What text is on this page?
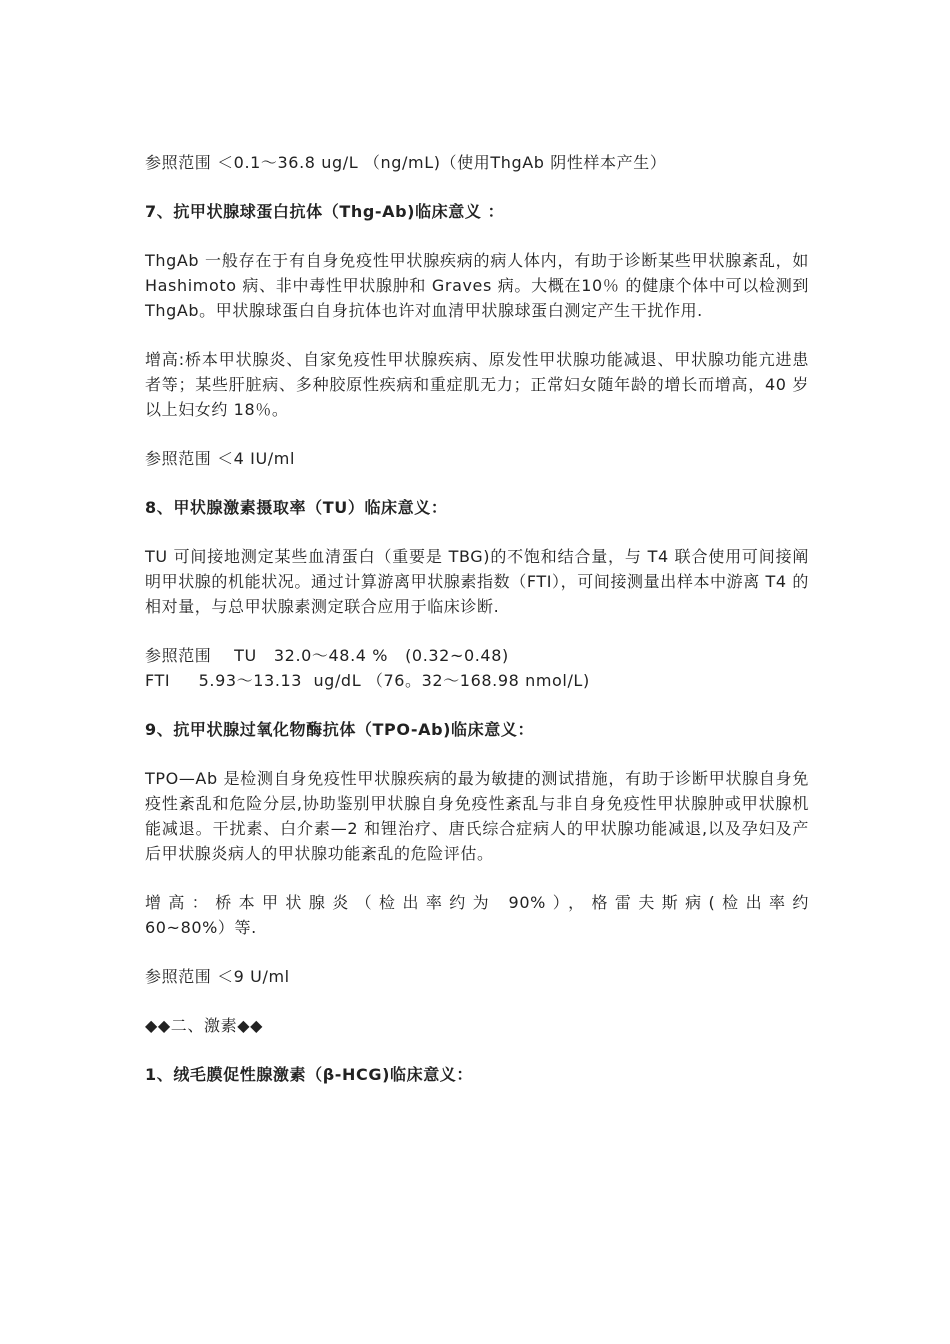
参照范围 ＜0.1～36.8 ug/L （ng/mL)（使用ThgAb 阴性样本产生）

7、抗甲状腺球蛋白抗体（Thg-Ab)临床意义 ：

ThgAb 一般存在于有自身免疫性甲状腺疾病的病人体内，有助于诊断某些甲状腺紊乱，如 Hashimoto 病、非中毒性甲状腺肿和 Graves 病。大概在10％ 的健康个体中可以检测到ThgAb。甲状腺球蛋白自身抗体也许对血清甲状腺球蛋白测定产生干扰作用.

增高:桥本甲状腺炎、自家免疫性甲状腺疾病、原发性甲状腺功能减退、甲状腺功能亢进患者等；某些肝脏病、多种胶原性疾病和重症肌无力；正常妇女随年龄的增长而增高，40 岁以上妇女约 18％。

参照范围 ＜4 IU/ml

8、甲状腺激素摄取率（TU）临床意义：

TU 可间接地测定某些血清蛋白（重要是 TBG)的不饱和结合量，与 T4 联合使用可间接阐明甲状腺的机能状况。通过计算游离甲状腺素指数（FTI），可间接测量出样本中游离 T4 的相对量，与总甲状腺素测定联合应用于临床诊断.

参照范围    TU   32.0～48.4 %   (0.32~0.48)
FTI     5.93～13.13  ug/dL （76。32～168.98 nmol/L)

9、抗甲状腺过氧化物酶抗体（TPO-Ab)临床意义：

TPO—Ab 是检测自身免疫性甲状腺疾病的最为敏捷的测试措施，有助于诊断甲状腺自身免疫性紊乱和危险分层,协助鉴别甲状腺自身免疫性紊乱与非自身免疫性甲状腺肿或甲状腺机能减退。干扰素、白介素—2 和锂治疗、唐氏综合症病人的甲状腺功能减退,以及孕妇及产后甲状腺炎病人的甲状腺功能紊乱的危险评估。

增高：桥本甲状腺炎（检出率约为 90%），格雷夫斯病(检出率约
60~80%）等.

参照范围 ＜9 U/ml

◆◆二、激素◆◆

1、绒毛膜促性腺激素（β-HCG)临床意义：
